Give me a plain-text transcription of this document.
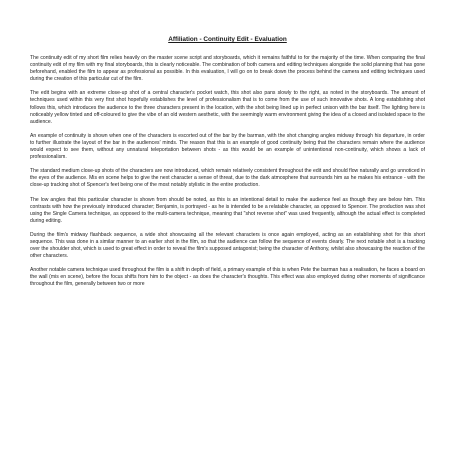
Affiliation - Continuity Edit - Evaluation

The continuity edit of my short film relies heavily on the master scene script and storyboards, which it remains faithful to for the majority of the time. When comparing the final continuity edit of my film with my final storyboards, this is clearly noticeable. The combination of both camera and editing techniques alongside the solid planning that has gone beforehand, enabled the film to appear as professional as possible. In this evaluation, I will go on to break down the process behind the camera and editing techniques used during the creation of this particular cut of the film.

The edit begins with an extreme close-up shot of a central character's pocket watch, this shot also pans slowly to the right, as noted in the storyboards. The amount of techniques used within this very first shot hopefully establishes the level of professionalism that is to come from the use of such innovative shots. A long establishing shot follows this, which introduces the audience to the three characters present in the location, with the shot being lined up in perfect unison with the bar itself. The lighting here is noticeably yellow tinted and off-coloured to give the vibe of an old western aesthetic, with the seemingly warm environment giving the idea of a closed and isolated space to the audience.

An example of continuity is shown when one of the characters is escorted out of the bar by the barman, with the shot changing angles midway through his departure, in order to further illustrate the layout of the bar in the audiences' minds. The reason that this is an example of good continuity being that the characters remain where the audience would expect to see them, without any unnatural teleportation between shots - as this would be an example of unintentional non-continuity, which shows a lack of professionalism.

The standard medium close-up shots of the characters are now introduced, which remain relatively consistent throughout the edit and should flow naturally and go unnoticed in the eyes of the audience. Mis en scene helps to give the next character a sense of threat, due to the dark atmosphere that surrounds him as he makes his entrance - with the close-up tracking shot of Spencer's feet being one of the most notably stylistic in the entire production.

The low angles that this particular character is shown from should be noted, as this is an intentional detail to make the audience feel as though they are below him. This contrasts with how the previously introduced character; Benjamin, is portrayed - as he is intended to be a relatable character, as opposed to Spencer. The production was shot using the Single Camera technique, as opposed to the multi-camera technique, meaning that "shot reverse shot" was used frequently, although the actual effect is completed during editing.

During the film's midway flashback sequence, a wide shot showcasing all the relevant characters is once again employed, acting as an establishing shot for this short sequence. This was done in a similar manner to an earlier shot in the film, so that the audience can follow the sequence of events clearly. The next notable shot is a tracking over the shoulder shot, which is used to great effect in order to reveal the film's supposed antagonist; being the character of Anthony, whilst also showcasing the reaction of the other characters.

Another notable camera technique used throughout the film is a shift in depth of field, a primary example of this is when Pete the barman has a realisation, he faces a board on the wall (mis en scene), before the focus shifts from him to the object - as does the character's thoughts. This effect was also employed during other moments of significance throughout the film, generally between two or more
